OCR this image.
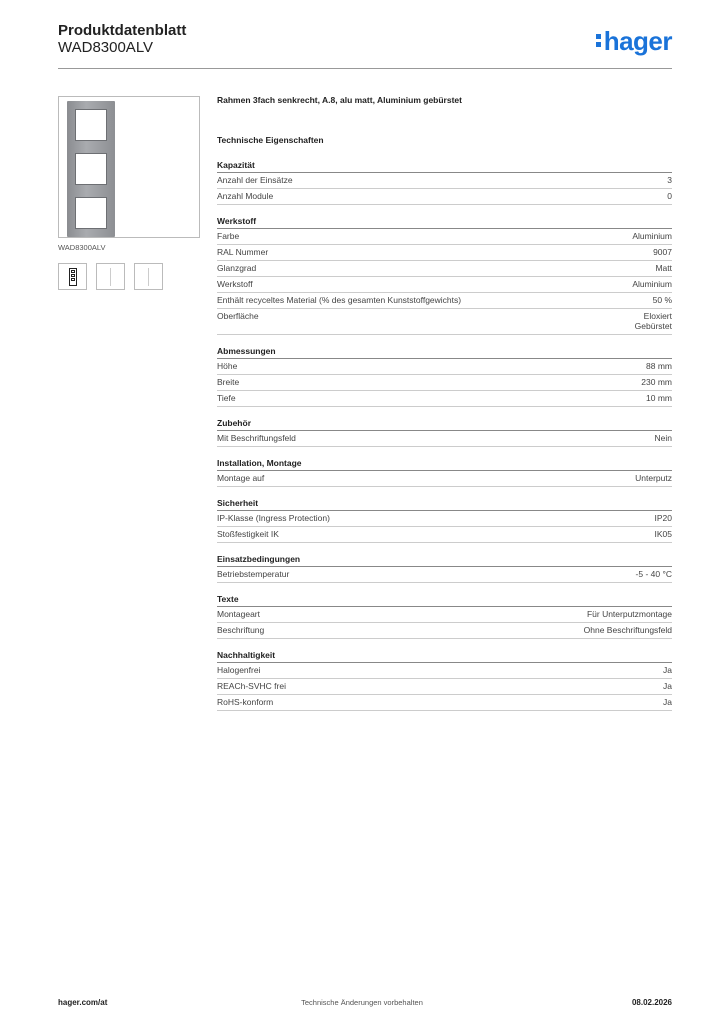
Produktdatenblatt
WAD8300ALV	hager
WAD8300ALV
Rahmen 3fach senkrecht, A.8, alu matt, Aluminium gebürstet
Technische Eigenschaften
Kapazität
Anzahl der Einsätze	3
Anzahl Module	0
Werkstoff
Farbe	Aluminium
RAL Nummer	9007
Glanzgrad	Matt
Werkstoff	Aluminium
Enthält recyceltes Material (% des gesamten Kunststoffgewichts)	50 %
Oberfläche	Eloxiert
Gebürstet
Abmessungen
Höhe	88 mm
Breite	230 mm
Tiefe	10 mm
Zubehör
Mit Beschriftungsfeld	Nein
Installation, Montage
Montage auf	Unterputz
Sicherheit
IP-Klasse (Ingress Protection)	IP20
Stoßfestigkeit IK	IK05
Einsatzbedingungen
Betriebstemperatur	-5 - 40 °C
Texte
Montageart	Für Unterputzmontage
Beschriftung	Ohne Beschriftungsfeld
Nachhaltigkeit
Halogenfrei	Ja
REACh-SVHC frei	Ja
RoHS-konform	Ja
hager.com/at	Technische Änderungen vorbehalten	08.02.2026
